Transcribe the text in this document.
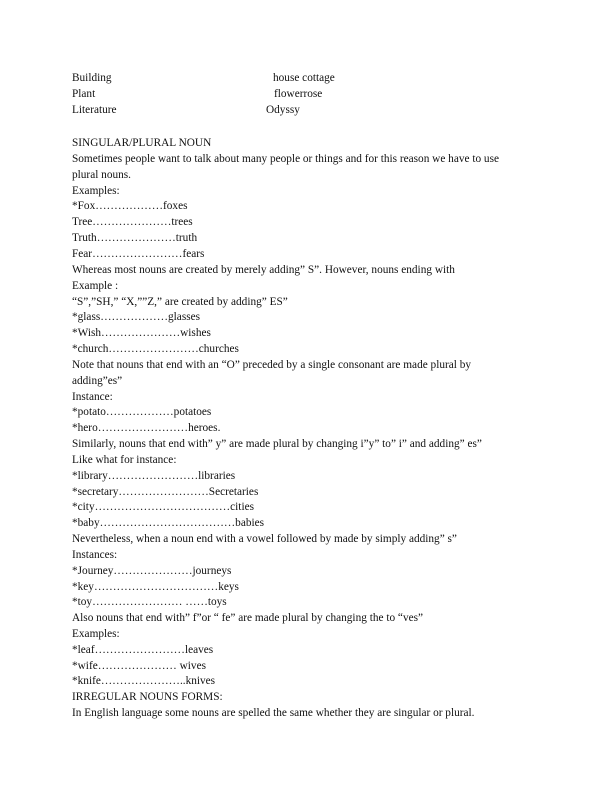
Building	house cottage
Plant	flowerrose
Literature	Odyssy
SINGULAR/PLURAL NOUN
Sometimes people want to talk about many people or things and for this reason we have to use
plural nouns.
Examples:
*Fox………………foxes
Tree…………………trees
Truth…………………truth
Fear……………………fears
Whereas most nouns are created by merely adding” S”. However, nouns ending with
Example :
“S”,”SH,” “X,””Z,” are created by adding” ES”
*glass………………glasses
*Wish…………………wishes
*church……………………churches
Note that nouns that end with an “O” preceded by a single consonant are made plural by
adding”es”
Instance:
*potato………………potatoes
*hero……………………heroes.
Similarly, nouns that end with” y” are made plural by changing i”y” to” i” and adding” es”
Like what for instance:
*library……………………libraries
*secretary……………………Secretaries
*city………………………………cities
*baby………………………………babies
Nevertheless, when a noun end with a vowel followed by made by simply adding” s”
Instances:
*Journey…………………journeys
*key……………………………keys
*toy…………………… ……toys
Also nouns that end with” f”or “ fe” are made plural by changing the to “ves”
Examples:
*leaf……………………leaves
*wife………………… wives
*knife…………………..knives
IRREGULAR NOUNS FORMS:
In English language some nouns are spelled the same whether they are singular or plural.
